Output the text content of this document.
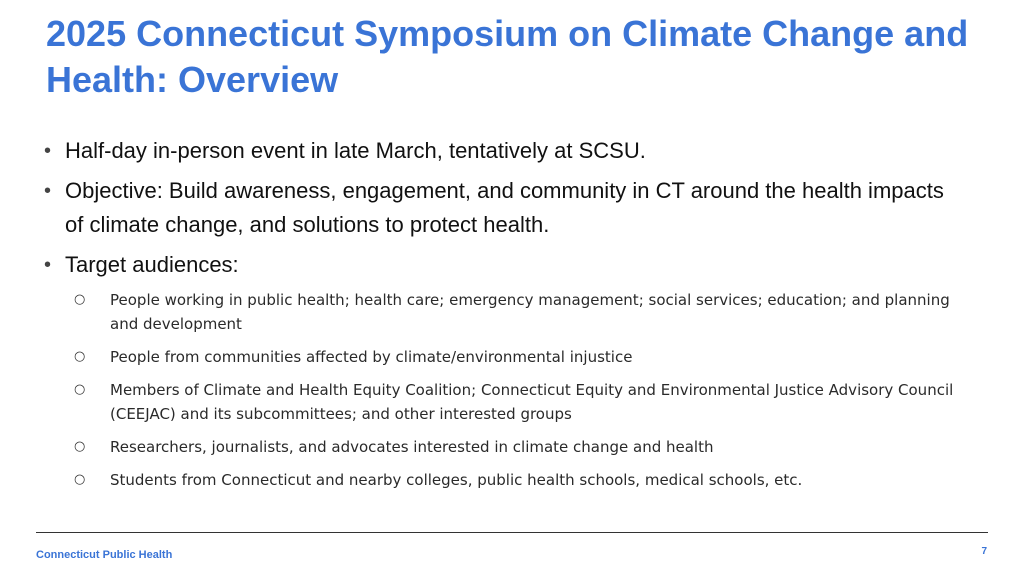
2025 Connecticut Symposium on Climate Change and Health: Overview
• Half-day in-person event in late March, tentatively at SCSU.
• Objective: Build awareness, engagement, and community in CT around the health impacts of climate change, and solutions to protect health.
• Target audiences:
○ People working in public health; health care; emergency management; social services; education; and planning and development
○ People from communities affected by climate/environmental injustice
○ Members of Climate and Health Equity Coalition; Connecticut Equity and Environmental Justice Advisory Council (CEEJAC) and its subcommittees; and other interested groups
○ Researchers, journalists, and advocates interested in climate change and health
○ Students from Connecticut and nearby colleges, public health schools, medical schools, etc.
Connecticut Public Health	7
